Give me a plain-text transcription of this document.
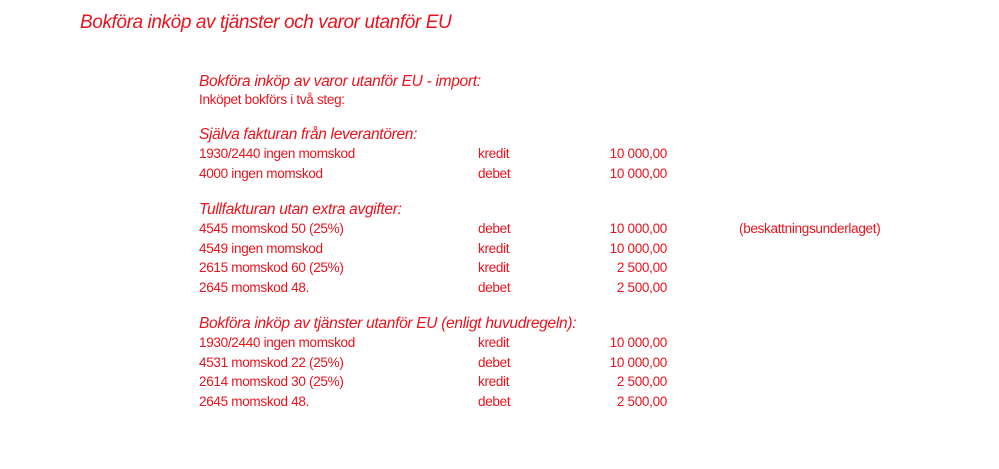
Bokföra inköp av tjänster och varor utanför EU
Bokföra inköp av varor utanför EU - import:
Inköpet bokförs i två steg:
Själva fakturan från leverantören:
1930/2440 ingen momskod	kredit	10 000,00
4000 ingen momskod	debet	10 000,00
Tullfakturan utan extra avgifter:
4545 momskod 50 (25%)	debet	10 000,00	(beskattningsunderlaget)
4549 ingen momskod	kredit	10 000,00
2615 momskod 60 (25%)	kredit	2 500,00
2645 momskod 48.	debet	2 500,00
Bokföra inköp av tjänster utanför EU (enligt huvudregeln):
1930/2440 ingen momskod	kredit	10 000,00
4531 momskod 22 (25%)	debet	10 000,00
2614 momskod 30 (25%)	kredit	2 500,00
2645 momskod 48.	debet	2 500,00
